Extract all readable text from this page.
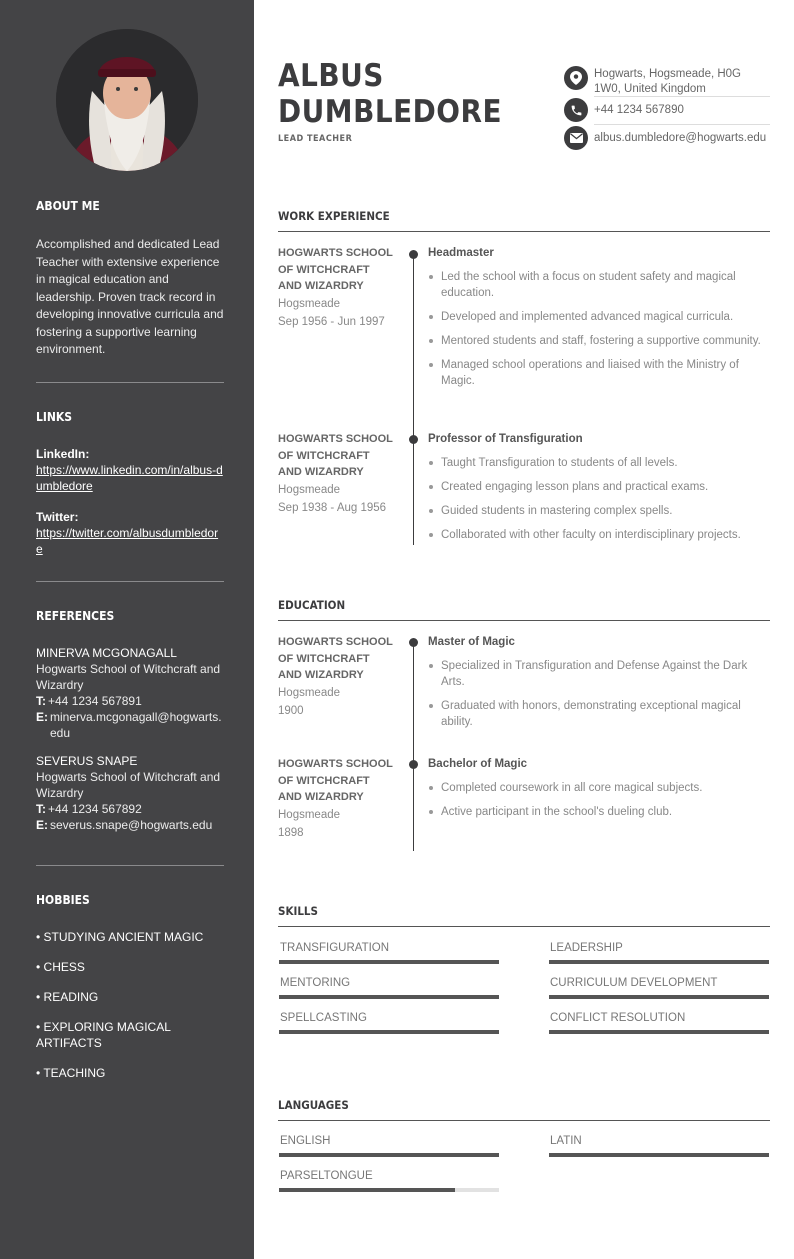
ABOUT ME

Accomplished and dedicated Lead Teacher with extensive experience in magical education and leadership. Proven track record in developing innovative curricula and fostering a supportive learning environment.

LINKS
LinkedIn:
https://www.linkedin.com/in/albus-dumbledore
Twitter:
https://twitter.com/albusdumbledore
REFERENCES
MINERVA MCGONAGALL
Hogwarts School of Witchcraft and Wizardry
T: +44 1234 567891
E: minerva.mcgonagall@hogwarts.edu
SEVERUS SNAPE
Hogwarts School of Witchcraft and Wizardry
T: +44 1234 567892
E: severus.snape@hogwarts.edu
HOBBIES
• STUDYING ANCIENT MAGIC
• CHESS
• READING
• EXPLORING MAGICAL ARTIFACTS
• TEACHING
ALBUS
DUMBLEDORE
LEAD TEACHER
Hogwarts, Hogsmeade, H0G
1W0, United Kingdom
+44 1234 567890
albus.dumbledore@hogwarts.edu
WORK EXPERIENCE
HOGWARTS SCHOOL OF WITCHCRAFT AND WIZARDRY
Hogsmeade
Sep 1956 - Jun 1997
Headmaster
Led the school with a focus on student safety and magical education.
Developed and implemented advanced magical curricula.
Mentored students and staff, fostering a supportive community.
Managed school operations and liaised with the Ministry of Magic.
HOGWARTS SCHOOL OF WITCHCRAFT AND WIZARDRY
Hogsmeade
Sep 1938 - Aug 1956
Professor of Transfiguration
Taught Transfiguration to students of all levels.
Created engaging lesson plans and practical exams.
Guided students in mastering complex spells.
Collaborated with other faculty on interdisciplinary projects.
EDUCATION
HOGWARTS SCHOOL OF WITCHCRAFT AND WIZARDRY
Hogsmeade
1900
Master of Magic
Specialized in Transfiguration and Defense Against the Dark Arts.
Graduated with honors, demonstrating exceptional magical ability.
HOGWARTS SCHOOL OF WITCHCRAFT AND WIZARDRY
Hogsmeade
1898
Bachelor of Magic
Completed coursework in all core magical subjects.
Active participant in the school's dueling club.
SKILLS
TRANSFIGURATION	LEADERSHIP
MENTORING	CURRICULUM DEVELOPMENT
SPELLCASTING	CONFLICT RESOLUTION
LANGUAGES
ENGLISH	LATIN
PARSELTONGUE
